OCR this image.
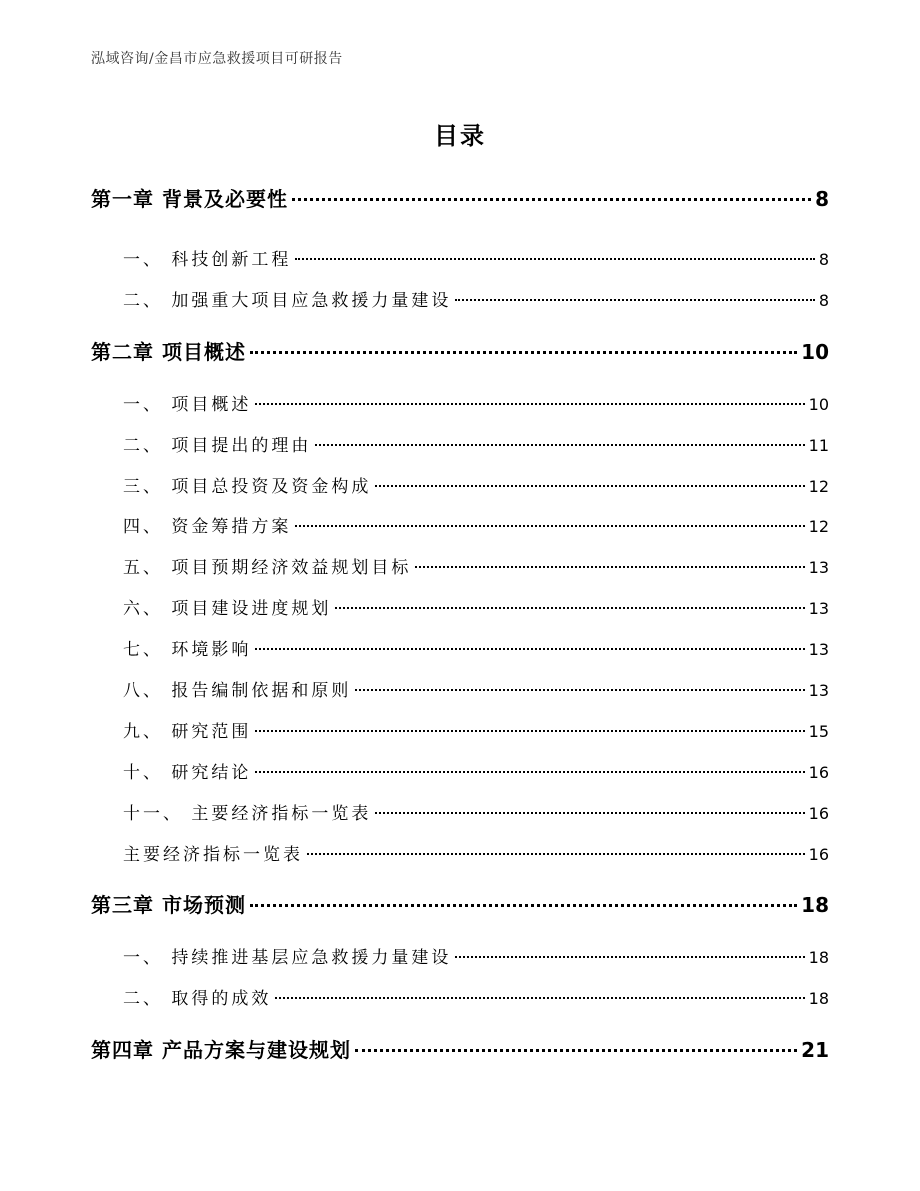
泓域咨询/金昌市应急救援项目可研报告
目录
第一章 背景及必要性	8
一、 科技创新工程	8
二、 加强重大项目应急救援力量建设	8
第二章 项目概述	10
一、 项目概述	10
二、 项目提出的理由	11
三、 项目总投资及资金构成	12
四、 资金筹措方案	12
五、 项目预期经济效益规划目标	13
六、 项目建设进度规划	13
七、 环境影响	13
八、 报告编制依据和原则	13
九、 研究范围	15
十、 研究结论	16
十一、 主要经济指标一览表	16
主要经济指标一览表	16
第三章 市场预测	18
一、 持续推进基层应急救援力量建设	18
二、 取得的成效	18
第四章 产品方案与建设规划	21
